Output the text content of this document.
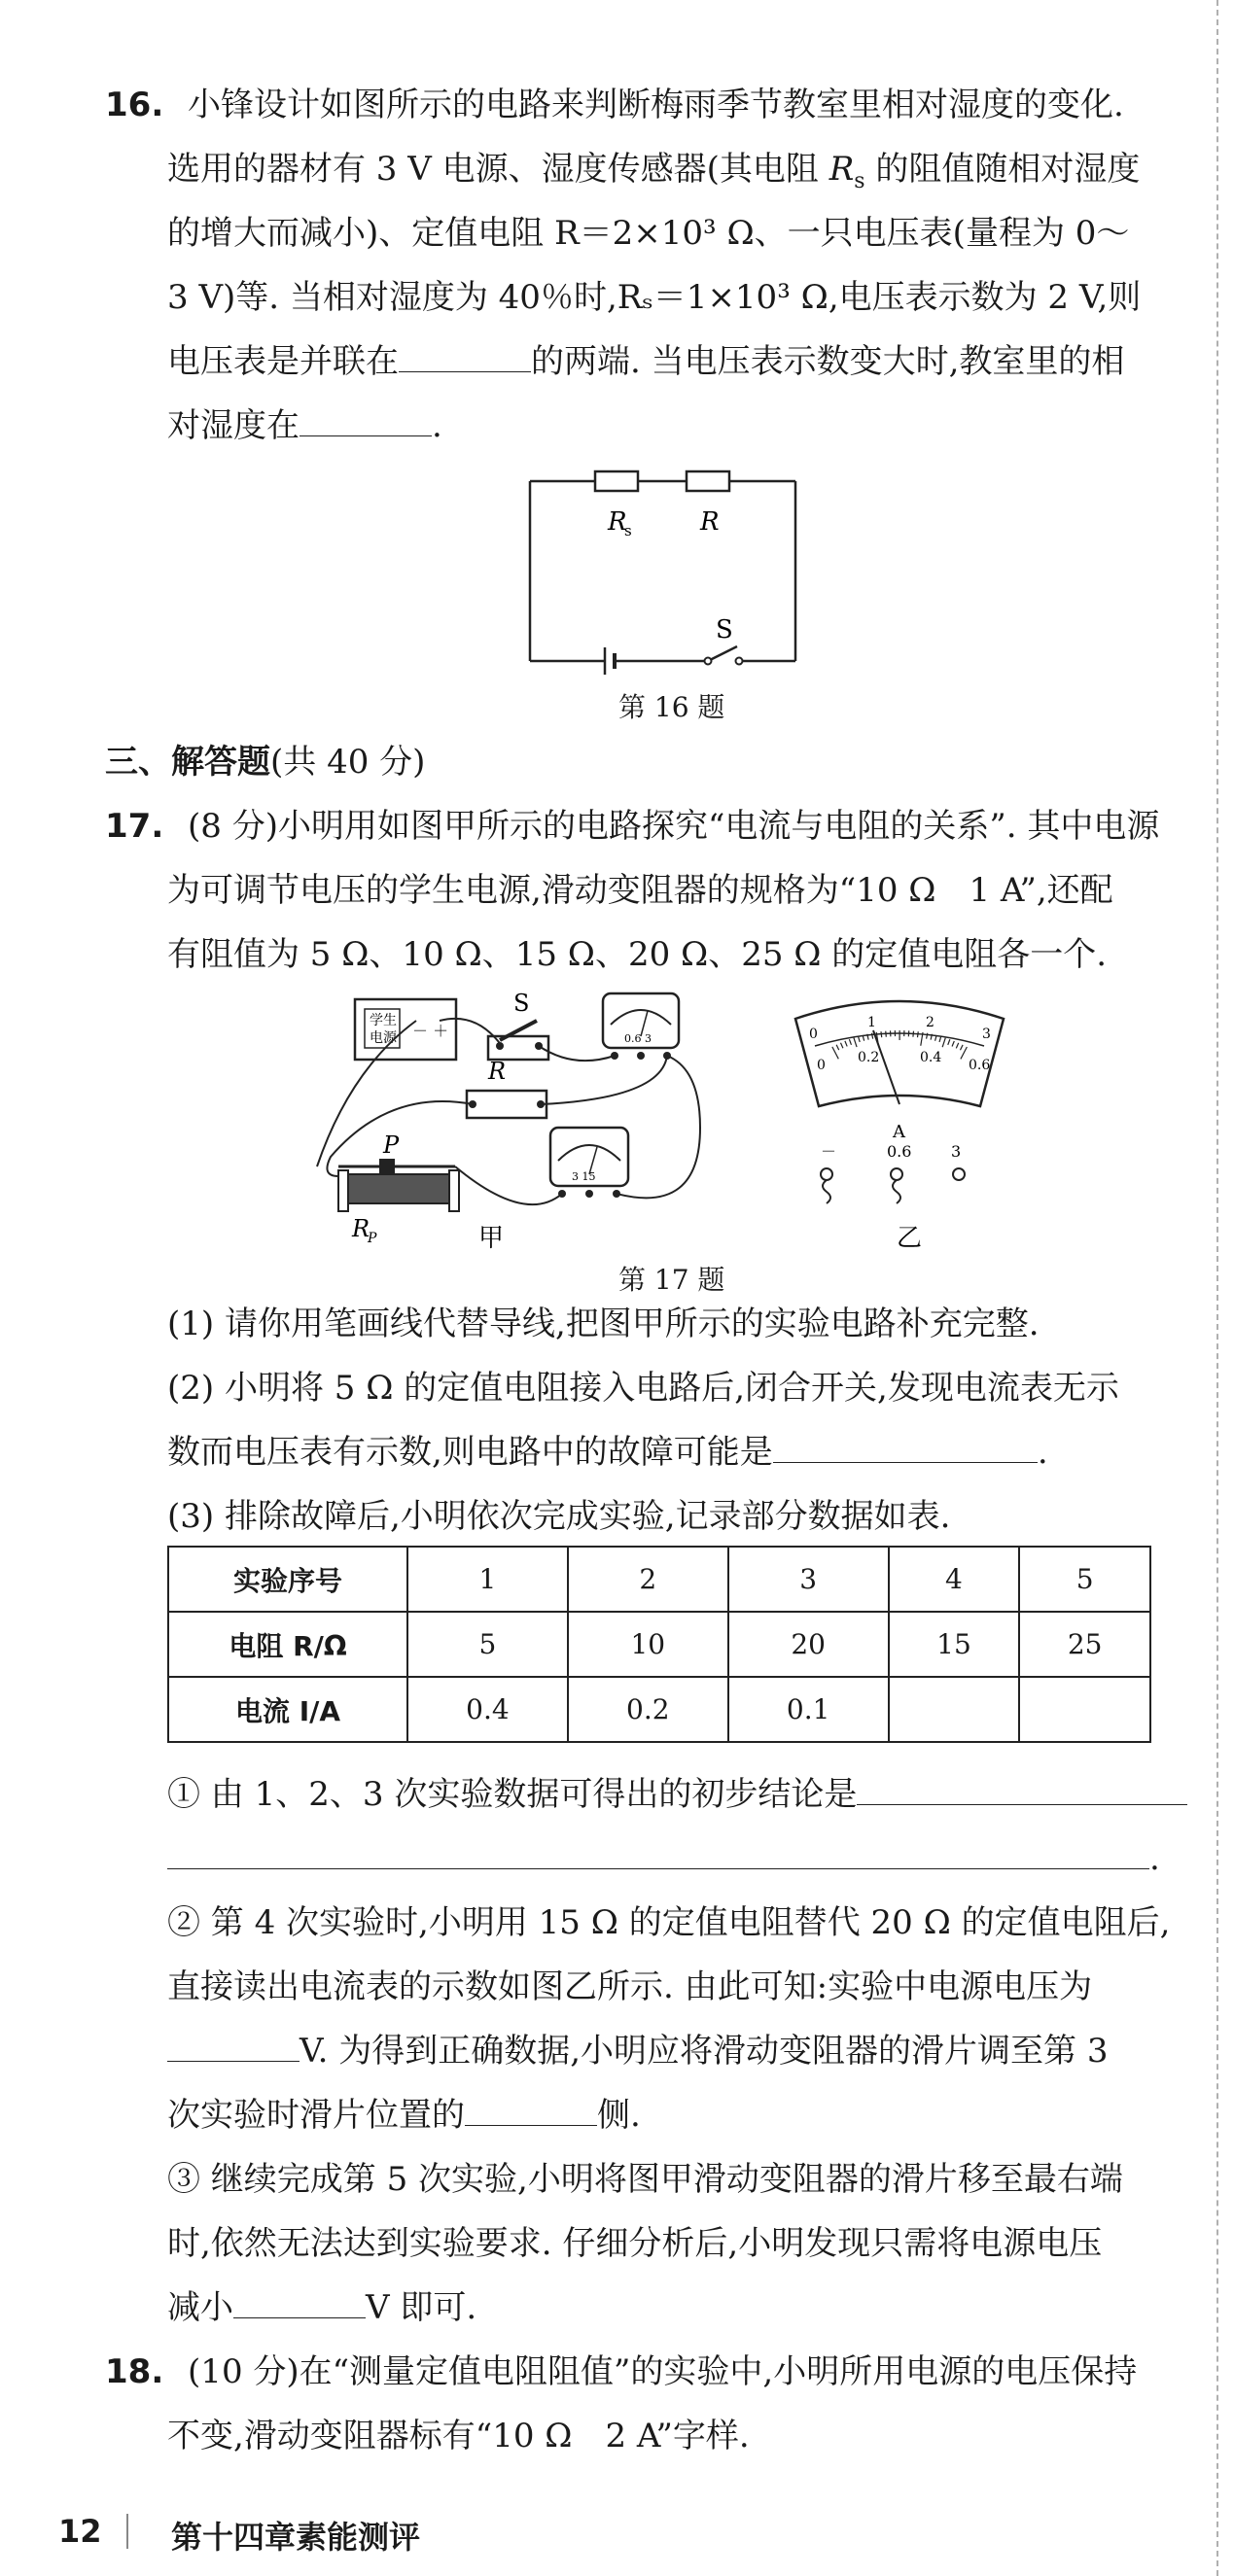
16. 小锋设计如图所示的电路来判断梅雨季节教室里相对湿度的变化.
选用的器材有 3 V 电源、湿度传感器(其电阻 $R_s$ 的阻值随相对湿度
的增大而减小)、定值电阻 R＝2×10³ Ω、一只电压表(量程为 0～
3 V)等. 当相对湿度为 40％时,Rₛ＝1×10³ Ω,电压表示数为 2 V,则
电压表是并联在	的两端. 当电压表示数变大时,教室里的相
对湿度在	.
R
s	R
S
第 16 题
三、解答题(共 40 分)
17. (8 分)小明用如图甲所示的电路探究“电流与电阻的关系”. 其中电源
为可调节电压的学生电源,滑动变阻器的规格为“10 Ω　1 A”,还配
有阻值为 5 Ω、10 Ω、15 Ω、20 Ω、25 Ω 的定值电阻各一个.
学生
电源 － ＋
S
0.6 3
R
3 15
P
R
P	甲
0
1	2
3
0 0.2	0.4 0.6
A
－	0.6	3
乙
第 17 题
(1) 请你用笔画线代替导线,把图甲所示的实验电路补充完整.
(2) 小明将 5 Ω 的定值电阻接入电路后,闭合开关,发现电流表无示
数而电压表有示数,则电路中的故障可能是	.
(3) 排除故障后,小明依次完成实验,记录部分数据如表.
实验序号	1	2	3	4	5
电阻 R/Ω	5	10	20	15	25
电流 I/A	0.4	0.2	0.1		
① 由 1、2、3 次实验数据可得出的初步结论是
.
② 第 4 次实验时,小明用 15 Ω 的定值电阻替代 20 Ω 的定值电阻后,
直接读出电流表的示数如图乙所示. 由此可知:实验中电源电压为
V. 为得到正确数据,小明应将滑动变阻器的滑片调至第 3
次实验时滑片位置的	侧.
③ 继续完成第 5 次实验,小明将图甲滑动变阻器的滑片移至最右端
时,依然无法达到实验要求. 仔细分析后,小明发现只需将电源电压
减小	V 即可.
18. (10 分)在“测量定值电阻阻值”的实验中,小明所用电源的电压保持
不变,滑动变阻器标有“10 Ω　2 A”字样.
12 第十四章素能测评
